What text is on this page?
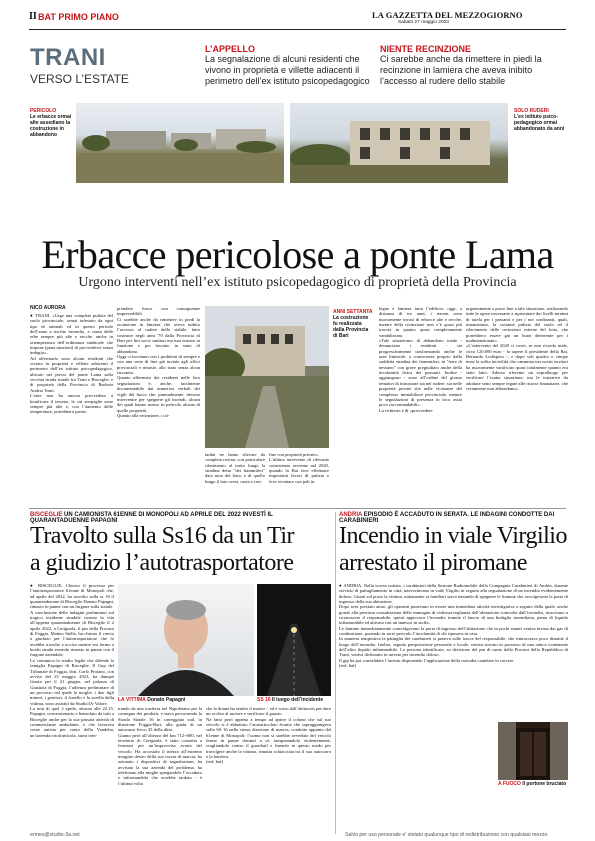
II BAT PRIMO PIANO	LA GAZZETTA DEL MEZZOGIORNO
Sabato 27 maggio 2023
TRANI
VERSO L’ESTATE
L’APPELLO
La segnalazione di alcuni residenti che vivono in proprietà e villette adiacenti il perimetro dell’ex istituto psicopedagogico
NIENTE RECINZIONE
Ci sarebbe anche da rimettere in piedi la recinzione in lamiera che aveva inibito l’accesso al rudere dello stabile
PERICOLO
Le erbacce ormai alte assediano la costruzione in abbandono
SOLO RUDERI
L’ex istituto psico-pedagogico ormai abbandonato da anni
Erbacce pericolose a ponte Lama
Urgono interventi nell’ex istituto psicopedagogico di proprietà della Provincia
NICO AURORA
● TRANI. «Urge una completa pulizia del suolo provinciale, ormai infestato da ogni tipo di animali ed in questo periodo dell’anno a rischio incendio, a causa delle erbe sempre più alte e secche, anche in ottemperanza dell’ordinanza sindacale che impone (pena sanzioni) di provvedervi senza indugio».
Ad affermarlo sono alcuni residenti che vivono in proprietà e villette adiacenti il perimetro dell’ex istituto psicopedagogico, ubicato nei pressi del ponte Lama sulla vecchia strada statale fra Trani e Bisceglie, e di proprietà della Provincia di Barletta Andria Trani.
L’ente non ha ancora provveduto a bonificare il terreno, le cui sterpaglie sono sempre più alte e, con l’aumento delle temperature, potrebbero presto
prendere fuoco con conseguenze imprevedibili.
Ci sarebbe anche da rimettere in piedi la recinzione in lamiera che aveva inibito l’accesso al rudere dello stabile, fatto costruire negli anni '70 dalla Provincia di Bari per fini socio sanitari ma mai entrato in funzione e poi lasciato in stato di abbandono.
Oggi ci troviamo con i problemi di sempre e con una serie di fine già inviate agli uffici provinciali e rimaste, allo stato senza alcun riscontro.
Quanto affermato dai residenti nelle loro segnalazioni è, anche, facilmente documentabile dai numerosi verbali dei vigili del fuoco che, puntualmente, devono intervenire per spegnere gli incendi, alcuni dei quali hanno messo in pericolo alcune di quelle proprietà.
Quanto alla recinzione, i cit-
ANNI SETTANTA
La costruzione fu realizzata dalla Provincia di Bari
tadini ne fanno rilevare da completa rovina, con particolare riferimento al tratto lungo la stradina detta "dei fiammiferi" dato noto del lotto, e di quello lungo il lato ovest, ossia a con-
fine con proprietà private».
L’ultimo intervento di rilevante consistenza avvenne nel 2020, quando la Bat fece effettuare importanti lavori di pulizia e fece recintare con pali in
legno e lamiera tutta l’edificio: oggi, a distanza di tre anni, i terreni sono nuovamente invasi di erbacce alte e secche, mentre della recinzione non v’è quasi più traccia in quanto quasi completamente vandalizzata.
«Tale situazione» di abbandono totale - denunciano i residenti - sta progressivamente trasformando anche le aree limitrofe, a conoscenza proprio dalla suddetta stradina dei fiammiferi, in "terre di nessuno" con grave pregiudizio anche della incolumità fisica dei passanti. Inoltre - aggiungono - sono all’ordine del giorno tentativi di intrusione sia nel rudere, sia nelle proprietà private site nelle vicinanze del complesso immobiliare provinciale, mentre le segnalazioni di presenza in loco assai poco raccomandabili».
La richiesta è di «provvedere
urgentemente a porre fine a tale situazione, realizzando tutte le opere necessarie a ripristinare dei livelli minimi di tutela per i passanti e per i noi confinanti, quali, innanzitutto, la costante pulizia del suolo ed il rifacimento delle recinzioni esterne del lotto, che potrebbero essere già un buon deterrente per i malintenzionati».
«L’intervento del 2020 ci costò, se non ricordo male, circa 120.000 euro - fa sapere il presidente della Bat, Bernardo Lodispoto -, e dopo soli quattro o cinque mesi la solita incivilità che cammina nei nostri territori ha nuovamente vanificato quasi totalmente quanto era stato fatto. Adesso riferemo un sopralluogo per verificare l’esatta situazione, ma le iniziative da adottare sono sempre legate alle risorse finanziarie, che certamente non abbondano».
BISCEGLIE UN CAMIONISTA 61ENNE DI MONOPOLI AD APRILE DEL 2022 INVESTÌ IL QUARANTADUENNE PAPAGNI
Travolto sulla Ss16 da un Tir
a giudizio l’autotrasportatore
● BISCEGLIE. Chiesto il processo per l’autotrasportatore 61enne di Monopoli che, ad aprile del 2022, ha travolto sulla ss 16 il quarantaduenne di Bisceglie Donato Papagni, rimasto in panne con un furgone sulla statale.
A conclusione delle indagini preliminari sul tragico incidente stradale costato la vita all’appena quarantaduenne di Bisceglie il 2 aprile 2022, a Cerignola, il pm della Procura di Foggia, Matteo Stella, ha chiesto il rinvio a giudizio per l’autotrasportatore che lo avrebbe travolto e ucciso mentre era fermo a bordo strada essendo rimasto in panne con il furgone aziendale.
Lo comunica lo studio legale che difende la famiglia Papagni di Bisceglie. Il Gup del Tribunale di Foggia, dott. Carlo Protano, con avviso del 25 maggio 2023, ha dunque fissato per il 21 giugno, nel palazzo di Giustizia di Foggia, l’udienza preliminare di un processo nel quale la moglie, i due figli minori, i genitori, il fratello e la sorella della vittima, sono assistiti da Studio3A-Valore.
La sera di quel 2 aprile, attorno alle 22.15, Papagni, concessionario e bensoluto da tutti a Bisceglie anche per la sua passata attività di commerciante ambulante, e che lavorava come autista per conto della Vandelia, un’azienda ortofrutticola, stava rien-
LA VITTIMA Donato Papagni	SS 16 Il luogo dell’incidente
trando da una trasferta nel Napoletano per la consegna dei prodotti, e stava percorrendo la Strada Statale 16 in carreggiata sud, in direzione Foggia-Bari, alla guida di un autocarro Iveco 35 della ditta.
Giunto però all’altezza del km 712+000, nel territorio di Cerignola, è stato costretto a fermarsi per un’improvvisa avaria del veicolo. Ha accostato il mezzo all’estremo margine destro della sua corsia di marcia, ha azionato i dispositivi di segnalazione, ha avvisato la sua azienda del problema, ha telefonato alla moglie spiegandole l’accaduto e informandola che avrebbe tardato - è l’ultima volta
che la donna ha sentito il marito -, ed è sceso dall’abitacolo per dare un occhio al motore e verificare il guasto.
Na fatto però appena a tempo ad aprire il cofano che sul suo veicolo si è abbattuto l’autoarticolato Scania che sopraggiungeva sulla SS 16 nella stessa direzione di marcia, condotto appunto dal 61enne di Monopoli: l’uomo non si sarebbe avveduto del veicolo fermo in panne davanti a sé, tamponandolo violentemente, scagliandolo contro il guardrail e finendo in questo modo per travolgere anche la vittima, rimasta schiacciata tra il suo autocarro e la barriera.
(red. baf)
ANDRIA EPISODIO È ACCADUTO IN SERATA. LE INDAGINI CONDOTTE DAI CARABINIERI
Incendio in viale Virgilio
arrestato il piromane
● ANDRIA. Nella scorsa nottata, i carabinieri della Sezione Radiomobile della Compagnia Carabinieri di Andria, durante servizio di pattugliamento in città, intervenivano in viale Virgilio in seguito alla segnalazione di un incendio evidentemente doloso. Giunti sul posto la vittima, unitamente ai familiari stava tentando di spegnere le fiamme che avvolgevano la porta di ingresso della sua abitazione.
Dopo aver prestato aiuto, gli operanti ponevano in essere una immediata attività investigativa a seguito della quale, anche grazie alla preziosa consultazione delle immagini di videosorveglianza dell’abitazione coinvolta dall’incendio, riuscivano a riconoscere il responsabile: questi appiccava l’incendio tramite il lancio di una bottiglia incendiaria, piena di liquido infiammabile ed attivata con un innesco in stoffa.
Le fiamme immediatamente coinvolgevano la porta di ingresso dell’abitazione che in pochi istanti veniva invasa dai gas di combustione, ponendo in serio pericolo l’incolumità di chi riposava in casa.
In maniera tempestiva la pattuglia dei carabinieri si poneva sulle tracce del responsabile, che rintracciava poco distante il luogo dell’incendio. Inoltre, seguito perquisizione personale e locale, veniva trovato in possesso di una tanica contenente dell’altro liquido infiammabile. La persona identificata, su decisione del pm di turno della Procura della Repubblica di Trani, veniva dichiarato in arresto per incendio doloso.
Il gip ha poi convalidato l’arresto disponendo l’applicazione della custodia cautelare in carcere.
(red. baf)
A FUOCO Il portone bruciato
ermes@studio-3a.net	Salvo per uso personale e' vietato qualunque tipo di redistribuzione con qualsiasi mezzo.
